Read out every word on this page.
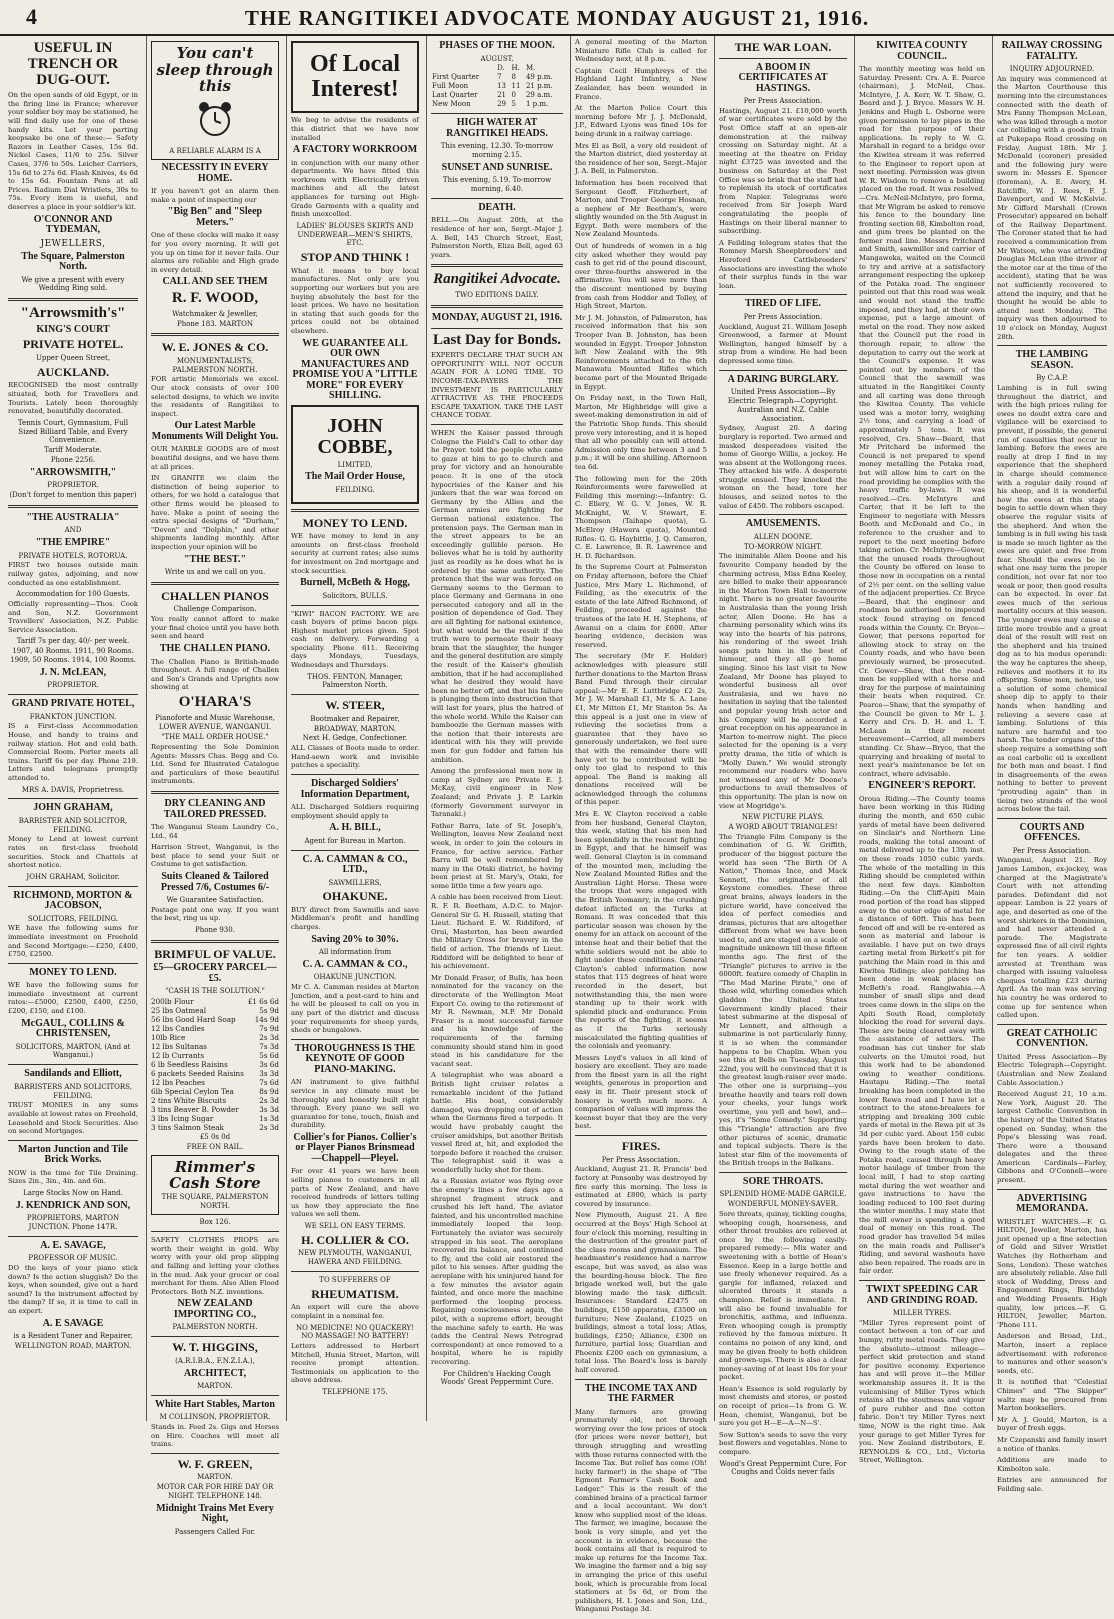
4	THE RANGITIKEI ADVOCATE MONDAY AUGUST 21, 1916.
USEFUL IN TRENCH OR DUG-OUT.

On the open sands of old Egypt, or in the firing line in France; wherever your soldier boy may be stationed, he will find daily use for one of these handy kits. Let your parting keepsake be one of these:— Safety Razors in Leather Cases, 15s 6d. Nickel Cases, 11/6 to 25s. Silver Cases, 37/6 to 50s. Leicher Carriers, 15s 6d to 27s 6d. Flash Knives, 4s 6d to 15s 6d. Fountain Pens at all Prices. Radium Dial Wristlets, 30s to 75s. Every item is useful, and deserves a place in your soldier's kit.

O'CONNOR AND TYDEMAN,
JEWELLERS,
The Square, Palmerston North.

We give a present with every Wedding Ring sold.

"Arrowsmith's"
KING'S COURT
PRIVATE HOTEL.

Upper Queen Street,

AUCKLAND.

RECOGNISED the most centrally situated, both for Travellers and Tourists. Lately been thoroughly renovated, beautifully decorated.

Tennis Court, Gymnasium, Full Sized Billiard Table, and Every Convenience.

Tariff Moderate.

Phone 2256.

"ARROWSMITH,"

PROPRIETOR.

(Don't forget to mention this paper)

"THE AUSTRALIA"

AND

"THE EMPIRE"

PRIVATE HOTELS, ROTORUA.

FIRST two houses outside main railway gates, adjoining, and now conducted as one establishment.

Accommodation for 100 Guests.

Officially representing—Thos. Cook and Son, N.Z. Government Travellers' Association, N.Z. Public Service Association.

Tariff 7s per day, 40/- per week.

1907, 40 Rooms. 1911, 90 Rooms. 1909, 50 Rooms. 1914, 100 Rooms.

J. N. McLEAN,

PROPRIETOR.

GRAND PRIVATE HOTEL,

FRANKTON JUNCTION.

IS a First-class Accommodation House, and handy to trains and railway station. Hot and cold bath. Commercial Room. Porter meets all trains. Tariff 6s per day. Phone 219. Letters and telegrams promptly attended to.

MRS A. DAVIS, Proprietress.

JOHN GRAHAM,

BARRISTER AND SOLICITOR, FEILDING.

Money to Lend at lowest current rates on first-class freehold securities. Stock and Chattels at shortest notice.

JOHN GRAHAM, Solicitor.

RICHMOND, MORTON & JACOBSON,

SOLICITORS, FEILDING.

WE have the following sums for immediate investment on Freehold and Second Mortgage:—£250, £400, £750, £2500.

MONEY TO LEND.

WE have the following sums for immediate investment at current rates:—£5000, £2500, £400, £250, £200, £150, and £100.

McGAUL, COLLINS & CHRISTENSEN,

SOLICITORS, MARTON, (And at Wanganui.)

Sandilands and Elliott,

BARRISTERS AND SOLICITORS, FEILDING.

TRUST MONIES in any sums available at lowest rates on Freehold, Leasehold and Stock Securities. Also on second Mortgages.

Marton Junction and Tile Brick Works.

NOW is the time for Tile Draining. Sizes 2in., 3in., 4in. and 6in.

Large Stocks Now on Hand.

J. KENDRICK AND SON,

PROPRIETORS, MARTON JUNCTION. Phone 147R.

A. E. SAVAGE,

PROFESSOR OF MUSIC.

DO the keys of your piano stick down? Is the action sluggish? Do the keys, when sounded, give out a hard sound? Is the instrument affected by the damp? If so, it is time to call in an expert.

A. E SAVAGE

is a Resident Tuner and Repairer,

WELLINGTON ROAD, MARTON.

You can't sleep through this

A RELIABLE ALARM IS A

NECESSITY IN EVERY HOME.

If you haven't got an alarm then make a point of inspecting our

"Big Ben" and "Sleep Meters."

One of these clocks will make it easy for you every morning. It will get you up on time for it never fails. Our alarms are reliable and High grade in every detail.

CALL AND SEE THEM
R. F. WOOD,

Watchmaker & Jeweller,

Phone 183. MARTON

W. E. JONES & CO.

MONUMENTALISTS, PALMERSTON NORTH.

FOR artistic Memorials we excel. Our stock consists of over 100 selected designs, to which we invite the residents of Rangitikei to inspect.

Our Latest Marble Monuments Will Delight You.

OUR MARBLE GOODS are of most beautiful designs, and we have them at all prices.

IN GRANITE we claim the distinction of being superior to others, for we hold a catalogue that other firms would be pleased to have. Make a point of seeing the extra special designs of "Durham," "Devon" and "Dolphin," and other shipments landing monthly. After inspection your opinion will be

"THE BEST."

Write us and we call on you.

CHALLEN PIANOS

Challenge Comparison.

You really cannot afford to make your final choice until you have both seen and heard

THE CHALLEN PIANO.

The Challen Piano is British-made throughout. A full range of Challen and Son's Grands and Uprights now showing at

O'HARA'S

Pianoforte and Music Warehouse,

LOWER AVENUE, WANGANUI.

"THE MALL ORDER HOUSE."

Representing the Sole Dominion Agents: Messrs Chas. Begg and Co. Ltd. Send for Illustrated Catalogue and particulars of these beautiful instruments.

DRY CLEANING AND TAILORED PRESSED.

The Wanganui Steam Laundry Co., Ltd., 64

Harrison Street, Wanganui, is the best place to send your Suit or Costume to get satisfaction.

Suits Cleaned & Tailored Pressed 7/6, Costumes 6/-

We Guarantee Satisfaction.

Postage paid one way. If you want the best, ring us up.

Phone 930.

BRIMFUL OF VALUE.
£5—GROCERY PARCEL—£5.

"CASH IS THE SOLUTION."

200lb Flour	£1 6s 6d
25 lbs Oatmeal	5s 9d
56 lbs Good Hard Soap	14s 9d
12 lbs Candles	7s 9d
10lb Rice	2s 3d
12 lbs Sultanas	7s 3d
12 lb Currants	5s 6d
6 lb Seedless Raisins	3s 6d
6 packets Seeded Raisins	3s 3d
12 lbs Peaches	7s 6d
6lb Special Ceylon Tea	8s 9d
2 tins White Biscuits	2s 3d
3 tins Beaver B. Powder	3s 3d
3 lbs Icing Sugar	1s 3d
3 tins Salmon Steak	2s 3d

£5 0s 0d

FREE ON RAIL.

Rimmer's Cash Store

THE SQUARE, PALMERSTON NORTH.

Box 126.

SAFETY CLOTHES PROPS are worth their weight in gold. Why worry with your old prop slipping and falling and letting your clothes in the mud. Ask your grocer or coal merchant for them. Also Allen Flood Protectors. Both N.Z. inventions.

NEW ZEALAND IMPORTING CO.,

PALMERSTON NORTH.

W. T. HIGGINS,

(A.R.I.B.A., F.N.Z.I.A.),

ARCHITECT,

MARTON.

White Hart Stables, Marton

M COLLINSON, PROPRIETOR.

Stands in. Feed 2s. Gigs and Horses on Hire. Coaches will meet all trains.

W. F. GREEN,

MARTON.

MOTOR CAR FOR HIRE DAY OR NIGHT. TELEPHONE 148.

Midnight Trains Met Every Night,

Passengers Called For.

Of Local Interest!

We beg to advise the residents of this district that we have now installed

A FACTORY WORKROOM

in conjunction with our many other departments. We have fitted this workroom with Electrically driven machines and all the latest appliances for turning out High-Grade Garments with a quality and finish unexcelled.

LADIES' BLOUSES SKIRTS AND UNDERWEAR—MEN'S SHIRTS, ETC.

STOP AND THINK !

What it means to buy local manufactures. Not only are you supporting our workers but you are buying absolutely the best for the least prices. We have no hesitation in stating that such goods for the prices could not be obtained elsewhere.

WE GUARANTEE ALL OUR OWN MANUFACTURES AND PROMISE YOU A "LITTLE MORE" FOR EVERY SHILLING.
JOHN COBBE,

LIMITED,

The Mail Order House,

FEILDING.

MONEY TO LEND.

WE have money to lend in any amounts on first-class freehold security at current rates; also sums for investment on 2nd mortgage and stock securities.

Burnell, McBeth & Hogg,

Solicitors, BULLS.

"KIWI" BACON FACTORY. WE are cash buyers of prime bacon pigs. Highest market prices given. Spot cash on delivery. Forwarding a speciality. Phone 611. Receiving days Mondays, Tuesdays, Wednesdays and Thursdays.

THOS. FENTON, Manager, Palmerston North.

W. STEER,

Bootmaker and Repairer,

BROADWAY, MARTON.

Next H. Gedge, Confectioner.

ALL Classes of Boots made to order. Hand-sewn work and invisible patches a speciality.

Discharged Soldiers' Information Department,

ALL Discharged Soldiers requiring employment should apply to

A. H. BILL,

Agent for Bureau in Marton.

C. A. CAMMAN & CO., LTD.,

SAWMILLERS,

OHAKUNE.

BUY direct from Sawmills and save Middleman's profit and handling charges.

Saving 20% to 30%.

All information from

C. A. CAMMAN & CO.,

OHAKUNE JUNCTION.

Mr C. A. Camman resides at Marton Junction, and a post-card to him and he will be pleased to call on you in any part of the district and discuss your requirements for sheep yards, sheds or bungalows.

THOROUGHNESS IS THE KEYNOTE OF GOOD PIANO-MAKING.

AN instrument to give faithful service in any climate must be thoroughly and honestly built right through. Every piano we sell we guarantee for tone, touch, finish and durability.

Collier's for Pianos. Collier's or Player Pianos Brinsmead—Chappell—Pleyel.

For over 41 years we have been selling pianos to customers in all parts of New Zealand, and have received hundreds of letters telling us how they appreciate the fine values we sell them.

WE SELL ON EASY TERMS.

H. COLLIER & CO.

NEW PLYMOUTH, WANGANUI, HAWERA AND FEILDING.

TO SUFFERERS OF

RHEUMATISM.

An expert will cure the above complaint in a nominal fee.

NO MEDICINE! NO QUACKERY! NO MASSAGE! NO BATTERY!

Letters addressed to Herbert Mitchell, Hunia Street, Marton, will receive prompt attention. Testimonials on application to the above address.

TELEPHONE 175.

PHASES OF THE MOON.

AUGUST.

	D.	H.	M.
First Quarter	7	8	49 p.m.
Full Moon	13	11	21 p.m.
Last Quarter	21	0	29 a.m.
New Moon	29	5	1 p.m.
HIGH WATER AT RANGITIKEI HEADS.

This evening, 12.30. To-morrow morning 2.15.

SUNSET AND SUNRISE.

This evening, 5.19. To-morrow morning, 6.40.

DEATH.

BELL.—On August 20th, at the residence of her son, Sergt.-Major J. A. Bell, 145 Church Street, East, Palmerston North, Eliza Bell, aged 63 years.

Rangitikei Advocate.

TWO EDITIONS DAILY.

MONDAY, AUGUST 21, 1916.
Last Day for Bonds.

EXPERTS DECLARE THAT SUCH AN OPPORTUNITY WILL NOT OCCUR AGAIN FOR A LONG TIME. TO INCOME-TAX-PAYERS THE INVESTMENT IS PARTICULARLY ATTRACTIVE AS THE PROCEEDS ESCAPE TAXATION. TAKE THE LAST CHANCE TODAY.

WHEN the Kaiser passed through Cologne the Field's Call to other day he Prayer. told the people who came to gaze at him to go to church and pray for victory and an honourable peace. It is one of the stock hypocrisies of the Kaiser and his junkers that the war was forced on Germany by the Allies and the German armies are fighting for German national existence. The pretension pays. The German man in the street appears to be an exceedingly gullible person. He believes what he is told by authority just as readily as he does what he is ordered by the same authority. The pretence that the war was forced on Germany seems to the German to place Germany and Germans in one persecuted category and all in the position of dependence of God. They are all fighting for national existence, but what would be the result if the truth were to permeate their heavy brain that the slaughter, the hunger and the general destitution are simply the result of the Kaiser's ghoulish ambition, that if he had accomplished what he desired they would have been no better off, and that his failure is plunging them into destruction that will last for years, plus the hatred of the whole world. While the Kaiser can bamboozle the German masses with the notion that their interests are identical with his they will provide men for gun fodder and fatten his ambition.

Among the professional men now in camp at Sydney are Private E. J. McKay, civil engineer in New Zealand; and Private J. P. Larkin (formerly Government surveyor in Taranaki.)

Father Barra, late of St. Joseph's, Wellington, leaves New Zealand next week, in order to join the colours in France, for active service. Father Barra will be well remembered by many in the Otaki district, he having been priest at St. Mary's, Otaki, for some little time a few years ago.

A cable has been received from Lieut. R. F. R. Beetham, A.D.C. to Major-General Sir G. H. Russell, stating that Lieut. Richard E. W. Riddiford, of Orui, Masterton, has been awarded the Military Cross for bravery in the field of action. The friends of Lieut. Riddiford will be delighted to hear of his achievement.

Mr Donald Fraser, of Bulls, has been nominated for the vacancy on the directorate of the Wellington Meat Export Co. owing to the retirement of Mr R. Newman, M.P. Mr Donald Fraser is a most successful farmer and his knowledge of the requirements of the farming community should stand him in good stead in his candidature for the vacant seat.

A telegraphist who was aboard a British light cruiser relates a remarkable incident of the Jutland battle. His boat, considerably damaged, was dropping out of action when the Germans fired a torpedo. It would have probably caught the cruiser amidships, but another British vessel fired at, hit, and exploded the torpedo before it reached the cruiser. The telegraphist said it was a wonderfully lucky shot for them.

As a Russian aviator was flying over the enemy's lines a few days ago a shrapnel fragment struck and crushed his left hand. The aviator fainted, and his uncontrolled machine immediately looped the loop. Fortunately the aviator was securely strapped in his seat. The aeroplane recovered its balance, and continued to fly, and the cold air restored the pilot to his senses. After guiding the aeroplane with his uninjured hand for a few minutes the aviator again fainted, and once more the machine performed the looping process. Regaining consciousness again, the pilot, with a supreme effort, brought the machine safely to earth. He was (adds the Central News Petrograd correspondent) at once removed to a hospital, where he is rapidly recovering.

For Children's Hacking Cough Woods' Great Peppermint Cure.

A general meeting of the Marton Miniature Rifle Club is called for Wednesday next, at 8 p.m.

Captain Cecil Humphreys of the Highland Light Infantry, a New Zealander, has been wounded in France.

At the Marton Police Court this morning before Mr J. J. McDonald, J.P., Edward Lyons was fined 10s for being drunk in a railway carriage.

Mrs El as Bell, a very old resident of the Marton district, died yesterday at the residence of her son, Sergt.-Major J. A. Bell, in Palmerston.

Information has been received that Sergeant Geoff. Fitzherbert, of Marton, and Trooper George Hosnan, a nephew of Mr Beetham's, were slightly wounded on the 5th August in Egypt. Both were members of the New Zealand Mounteds.

Out of hundreds of women in a big city asked whether they would pay cash to get rid of the pound discount, over three-fourths answered in the affirmative. You will save more than the discount mentioned by buying from cash from Hodder and Tolley, of High Street, Marton.

Mr J. M. Johnston, of Palmerston, has received information that his son Trooper Ivan B. Johnston, has been wounded in Egypt. Trooper Johnston left New Zealand with the 9th Reinforcements attached to the 6th Manawatu Mounted Rifles which became part of the Mounted Brigade in Egypt.

On Friday next, in the Town Hall, Marton, Mr Highbridge will give a sweet-making demonstration in aid of the Patriotic Shop funds. This should prove very interesting, and it is hoped that all who possibly can will attend. Admission only time between 3 and 5 p.m.; it will be one shilling. Afternoon tea 6d.

The following men for the 20th Reinforcements were farewelled at Feilding this morning:—Infantry: G. C. Ellery, W. G. V. Jones, W. R. McKnight, W. V. Stewart, E. Thompson (Taihape quota), G. McElroy (Hawera quota), Mounted Rifles: G. G. Haybittle, J. Q. Cameron, C. E. Lawrence, B. R. Lawrence and H. D. Richardson.

In the Supreme Court at Palmerston on Friday afternoon, before the Chief Justice, Mrs Mary L. Richmond, of Feilding, as the executrix of the estate of the late Alfred Richmond, of Feilding, proceeded against the trustees of the late H. H. Stephens, of Awanui on a claim for £600. After hearing evidence, decision was reserved.

The secretary (Mr F. Holder) acknowledges with pleasure still further donations to the Marton Brass Band Fund through their circular appeal:—Mr E. F. Luttbridge £2 2s, Mr J. W. Marshall £1, Mr S. A. Lane £1, Mr Mitton £1, Mr Stanton 5s. As this appeal is a just one in view of relieving the societies from a guarantee that they have so generously undertaken, we feel sure that with the remainder there will have yet to be contributed will be only too glad to respond to this appeal. The Band is making all donations received will be acknowledged through the columns of this paper.

Mrs E. W. Clayton received a cable from her husband, General Clayton, this week, stating that his men had been splendidly in the recent fighting in Egypt, and that he himself was well. General Clayton is in command of the mounted men, including the New Zealand Mounted Rifles and the Australian Light Horse. These were the troops that were engaged with the British Yeomanry, in the crushing defeat inflicted on the Turks at Romani. It was conceded that this particular season was chosen by the enemy for an attack on account of the intense heat and their belief that the white soldiers would not be able to fight under these conditions. General Clayton's cabled information now states that 115 degrees of heat were recorded in the desert, but notwithstanding this, the men were standing up to their work with splendid pluck and endurance. From the reports of the fighting, it seems as if the Turks seriously miscalculated the fighting qualities of the colonials and yeomanry.

Messrs Loyd's values in all kind of hosiery are excellent. They are made from the finest yarn in all the right weights, generous in proportion and easy in fit. Their present stock of hosiery is worth much more. A comparison of values will impress the keenest buyer that they are the very best.

FIRES.

Per Press Association.

Auckland, August 21. R. Francis' bed factory at Ponsonby was destroyed by fire early this morning. The loss is estimated at £800, which is party covered by insurance.

New Plymouth, August 21. A fire occurred at the Boys' High School at four o'clock this morning, resulting in the destruction of the greater part of the class rooms and gymnasium. The headmaster's residence had a narrow escape, but was saved, as also was the boarding-house block. The fire brigade worked well, but the gale blowing made the task difficult. Insurances: Standard £2475 on buildings, £150 apparatus, £3500 on furniture; New Zealand, £1025 on buildings, almost a total loss; Atlas, buildings, £250; Alliance, £300 on furniture, partial loss; Guardian and Phoenix £200 each on gymnasium, a total loss. The Board's loss is barely half covered.

THE INCOME TAX AND THE FARMER

Many farmers are growing prematurely old, not through worrying over the low prices of stock (for prices were never better), but through struggling and wrestling with those returns connected with the Income Tax. But relief has come (Oh! lucky farmer!) in the shape of "The Egmont Farmer's Cash Book and Ledger." This is the result of the combined brains of a practical farmer and a local accountant. We don't know who supplied most of the ideas. The farmer, we imagine, because the book is very simple, and yet the account is in evidence, because the book contains all that is required to make up returns for the Income Tax. We imagine the farmer and a big say in arranging the price of this useful book, which is procurable from local stationers at 5s 6d, or from the publishers, H. I. Jones and Son, Ltd., Wanganui Postage 3d.

THE WAR LOAN.
A BOOM IN CERTIFICATES AT HASTINGS.

Per Press Association.

Hastings, August 21. £10,000 worth of war certificates were sold by the Post Office staff at an open-air demonstration at the railway crossing on Saturday night. At a meeting at the theatre on Friday night £3725 was invested and the business on Saturday at the Post Office was so brisk that the staff had to replenish its stock of certificates from Napier. Telegrams were received from Sir Joseph Ward congratulating the people of Hastings on their liberal manner to subscribing.

A Feilding telegram states that the Romney Marsh Sheepbreeders' and Hereford Cattlebreeders' Associations are investing the whole of their surplus funds in the war loan.

TIRED OF LIFE.

Per Press Association.

Auckland, August 21. William Joseph Greenwood, a farmer at Mount Wellington, hanged himself by a strap from a window. He had been depressed some time.

A DARING BURGLARY.

United Press Association—By Electric Telegraph—Copyright. Australian and N.Z. Cable Association.

Sydney, August 20. A daring burglary is reported. Two armed and masked desperadoes visited the home of George Willis, a jockey. He was absent at the Wollongong races. They attacked his wife. A desperate struggle ensued. They knocked the woman on the head, tore her blouses, and seized notes to the value of £450. The robbers escaped.

AMUSEMENTS.

ALLEN DOONE.

TO-MORROW NIGHT.

The inimitable Allen Doone and his favourite Company headed by the charming actress, Miss Edna Keeley, are billed to make their appearance in the Marton Town Hall to-morrow night. There is no greater favourite in Australasia than the young Irish actor, Allen Doone. He has a charming personality which wins its way into the hearts of his patrons, his rendering of the sweet Irish songs puts him in the best of humour, and they all go home singing. Since his last visit to New Zealand, Mr Doone has played to wonderful business all over Australasia, and we have no hesitation in saying that the talented and popular young Irish actor and his Company will be accorded a great reception on his appearance in Marton to-morrow night. The piece selected for the opening is a very pretty drama, the title of which is "Molly Dawn." We would strongly recommend our readers who have not witnessed any of Mr Doone's productions to avail themselves of this opportunity. The plan is now on view at Mogridge's.

NEW PICTURE PLAYS.

A WORD ABOUT TRIANGLES!

The Triangle Film Company is the combination of G. W. Griffith, producer of the biggest picture the world has seen "The Birth Of A Nation," Thomas Ince, and Mack Sennett, the originator of all Keystone comedies. These three great brains, always leaders in the picture world, have conceived the idea of perfect comedies and dramas, pictures that are altogether different from what we have been used to, and are staged on a scale of magnitude unknown till these fifteen months ago. The first of the "Triangle" pictures to arrive is the 6000ft. feature comedy of Chaplin in "The Mad Marine Pirate," one of those wild, whirling comedies which gladden the United States Government kindly placed their latest submarine at the disposal of Mr Lennett, and although a submarine is not particularly funny, it is so when the commander happens to be Chaplin. When you see this at Bells on Tuesday, August 22nd, you will be convinced that it is the greatest laugh-raiser ever made. The other one is surprising—you breathe heavily and tears roll down your cheeks, your lungs work overtime, you yell and howl, and—yes, it's "Some Comedy." Supporting this "Triangle" attraction are five other pictures of scenic, dramatic and topical subjects. There is the latest star film of the movements of the British troops in the Balkans.

SORE THROATS.

SPLENDID HOME-MADE GARGLE.

WONDERFUL MONEY-SAVER.

Sore throats, quinsy, tickling coughs, whooping cough, hoarseness, and other throat troubles are relieved at once by the following easily-prepared remedy:— Mix water and sweetening with a bottle of Hean's Essence. Keep in a large bottle and use freely whenever required. As a gargle for inflamed, relaxed and ulcerated throats it stands a champion. Relief is immediate. It will also be found invaluable for bronchitis, asthma, and influenza. Even whooping cough is promptly relieved by the famous mixture. It contains no poison of any kind, and may be given freely to both children and grown-ups. There is also a clear money-saving of at least 10s for your pocket.

Hean's Essence is sold regularly by most chemists and stores, or posted on receipt of price—1s from G. W. Hean, chemist, Wanganui, but be sure you get H—E—A—N—S'.

Sow Sutton's seeds to save the very best flowers and vegetables. None to compare.

Wood's Great Peppermint Cure, For Coughs and Colds never fails

KIWITEA COUNTY COUNCIL.

The monthly meeting was held on Saturday. Present: Crs. A. E. Pearce (chairman), J. McNeil, Chas. McIntyre, J. A. Kerr, W. T. Shaw, G. Beard and J. J. Bryce. Messrs W. H. Jenkins and Hugh L. Osborne were given permission to lay pipes in the road for the purpose of their applications. In reply to W. G. Marshall in regard to a bridge over the Kiwitea stream it was referred to the Engineer to report upon at next meeting. Permission was given W. R. Wisdom to remove a building placed on the road. It was resolved.—Crs. McNeil-McIntyre, pro forma, that Mr Wigram be asked to remove his fence to the boundary line fronting section 68, Kimbolton road, and gum trees be planted on the former road line. Messrs Pritchard and Smith, sawmiller and carrier of Mangaweka, waited on the Council to try and arrive at a satisfactory arrangement respecting the upkeep of the Potaka road. The engineer pointed out that this road was weak and would not stand the traffic imposed, and they had, at their own expense, put a large amount of metal on the road. They now asked that the Council put the road in thorough repair, to allow the deputation to carry out the work at the Council's expense. It was pointed out by members of the Council that the sawmill was situated in the Rangitikei County and all carting was done through the Kiwitea County. The vehicle used was a motor lorry, weighing 2½ tons, and carrying a load of approximately 5 tons. It was resolved, Crs. Shaw—Beard, that Mr Pritchard be informed the Council is not prepared to spend money metalling the Potaka road, but will allow him to cart on the road providing he complies with the heavy traffic by-laws. It was resolved.—Crs. McIntyre and Carter, that it be left to the Engineer to negotiate with Messrs Booth and McDonald and Co., in reference to the crusher and to report to the next meeting before taking action. Cr. McIntyre—Gower, that the unused roads throughout the County be offered on lease to those now in occupation on a rental of 2½ per cent. on the selling value of the adjacent properties. Cr. Bryce—Beard, that the engineer and roadmen be authorised to impound stock found straying on fenced roads within the County. Cr. Bryce—Gower, that persons reported for allowing stock to stray on the County roads, and who have been previously warned, be prosecuted. Cr. Gower—Shaw, that the road-men be supplied with a horse and dray for the purpose of maintaining their beats when required. Cr. Pearce—Shaw, that the sympathy of the Council be given to Mr L. J. Kerry and Crs. D. H. and L. T. McLean in their recent bereavement—Carried, all members standing. Cr. Shaw—Bryce, that the quarrying and breaking of metal to next year's maintenance be let on contract, where advisable.

ENGINEER'S REPORT.

Oroua Riding.—The County teams have been working in this Riding during the month, and 650 cubic yards of metal have been delivered on Sinclair's and Northern Line roads, making the total amount of metal delivered up to the 13th inst. on these roads 1050 cubic yards. The whole of the metalling in this Riding should be completed within the next few days. Kimbolton Riding.—On the Cliff-Apiti Main road portion of the road has slipped away to the outer edge of metal for a distance of 60ft. This has been fenced off and will be re-entered as soon as material and labour is available. I have put on two drays carting metal from Birkett's pit for patching the Main road in this and Kiwitea Ridings; also patching has been done in weak places on McBeth's road. Rangiwahia.—A number of small slips and dead trees came down in the slips on the Apiti South Road, completely blocking the road for several days. These are being cleared away with the assistance of settlers. The roadman has cut timber for slab culverts on the Umutoi road, but this work had to be abandoned owing to weather conditions. Hautapu Riding.—The metal breaking has been completed in the lower Rewa road and I have let a contract to the stone-breakers for stripping and breaking 300 cubic yards of metal in the Rewa pit at 3s 3d per cubic yard. About 150 cubic yards have been broken to date. Owing to the rough state of the Potaka road, caused through heavy motor haulage of timber from the local mill, I had to stop carting metal during the wet weather and gave instructions to have the loading reduced to 100 feet during the winter months. I may state that the mill owner is spending a good deal of money on this road. The road grader has travelled 54 miles on the main roads and Palliser's Riding, and several washouts have also been repaired. The roads are in fair order.

TWIXT SPEEDING CAR AND GRINDING ROAD.

MILLER TYRES.

"Miller Tyres represent point of contact between a ton of car and bumpy, rutty metal roads. They give the absolute—utmost mileage—perfect skid protection and stand for positive economy. Experience has and will prove it—the Miller workmanship assures it. It is the vulcanising of Miller Tyres which retains all the stoutness and vigour of pure rubber and fine cotton fabric. Don't try Miller Tyres next time, NOW is the right time. Ask your garage to get Miller Tyres for you. New Zealand distributors, E. REYNOLDS & CO., Ltd., Victoria Street, Wellington.

RAILWAY CROSSING FATALITY.

INQUIRY ADJOURNED.

An inquiry was commenced at the Marton Courthouse this morning into the circumstances connected with the death of Mrs Fanny Thompson McLean, who was killed through a motor car colliding with a goods train at Pukepapa Road crossing on Friday, August 18th. Mr J. McDonald (coroner) presided and the following jury were sworn in: Messrs E. Spencer (foreman), A. E. Avery, H. Ratcliffe, W. J. Rees, F. J. Davenport, and W. McKelvie. Mr Gifford Marshall (Crown Prosecutor) appeared on behalf of the Railway Department. The Coroner stated that he had received a communication from Mr Watson, who was attending Douglas McLean (the driver of the motor car at the time of the accident), stating that he was not sufficiently recovered to attend the inquiry, and that he thought he would be able to attend next Monday. The inquiry was then adjourned to 10 o'clock on Monday, August 28th.

THE LAMBING SEASON.

By C.A.P.

Lambing is in full swing throughout the district, and with the high prices ruling for ewes no doubt extra care and vigilance will be exercised to prevent, if possible, the general run of casualties that occur in lambing. Before the ewes are really at drop I find in my experience that the shepherd in charge should commence with a regular daily round of his sheep, and it is wonderful how the ewes at this stage begin to settle down when they observe the regular visits of the shepherd. And when the lambing is in full swing his task is made so much lighter as the ewes are quiet and free from fear. Should the ewes be in what one may term the proper condition, not over fat nor too weak or poor, then good results can be expected. In over fat ewes much of the serious mortality occurs at this season. The younger ewes may cause a little more trouble and a great deal of the result will rest on the shepherd and his trained dog as to his modus operandi: the way he captures the sheep, relieves and mothers it to its offspring. Some men, note, use a solution of some chemical sheep dip to apply to their hands when handling and relieving a severe case at lambing. Solutions of this nature are harmful and too harsh. The tender organs of the sheep require a something soft as coal carbolic oil is excellent for both man and beast. I find in disagreements of the ewes nothing to better to prevent "protruding again" than in tieing two strands of the wool across below the tail.

COURTS AND OFFENCES.

Per Press Association.

Wanganui, August 21. Roy James Lambon, ex-jockey, was charged at the Magistrate's Court with not attending parades. Defendant did not appear. Lambon is 22 years of age, and deserted as one of the worst shirkers in the Dominion, and had never attended a parade. The Magistrate expressed fine of all civil rights for ten years. A soldier arrested at Trentham was charged with issuing valueless cheques totalling £23 during April. As the man was serving his country he was ordered to come up for sentence when called upon.

GREAT CATHOLIC CONVENTION.

United Press Association—By Electric Telegraph—Copyright. (Australian and New Zealand Cable Association.)

Received August 21, 10 a.m. New York, August 20. The largest Catholic Convention in the history of the United States opened on Sunday, when the Pope's blessing was read. There were a thousand delegates and the three American Cardinals—Farley, Gibbons and O'Connell—were present.

ADVERTISING MEMORANDA.

WRISTLET WATCHES.—F. G. HILTON, Jeweller, Marton, has just opened up a fine selection of Gold and Silver Wristlet Watches (by Rotherham and Sons, London). These watches are absolutely reliable. Also full stock of Wedding, Dress and Engagement Rings, Birthday and Wedding Presents. High quality, low prices.—F. G. HILTON, Jeweller, Marton. 'Phone 111.

Anderson and Broad, Ltd., Marton, insert a replace advertisement with reference to manures and other season's seeds, etc.

It is notified that "Celestial Chimes" and "The Skipper" waltz may be procured from Marton booksellers.

Mr A. J. Gould, Marton, is a buyer of fresh eggs.

Mr Czepanski and family insert a notice of thanks.

Additions are made to Kimbolton sale.

Entries are announced for Feilding sale.
